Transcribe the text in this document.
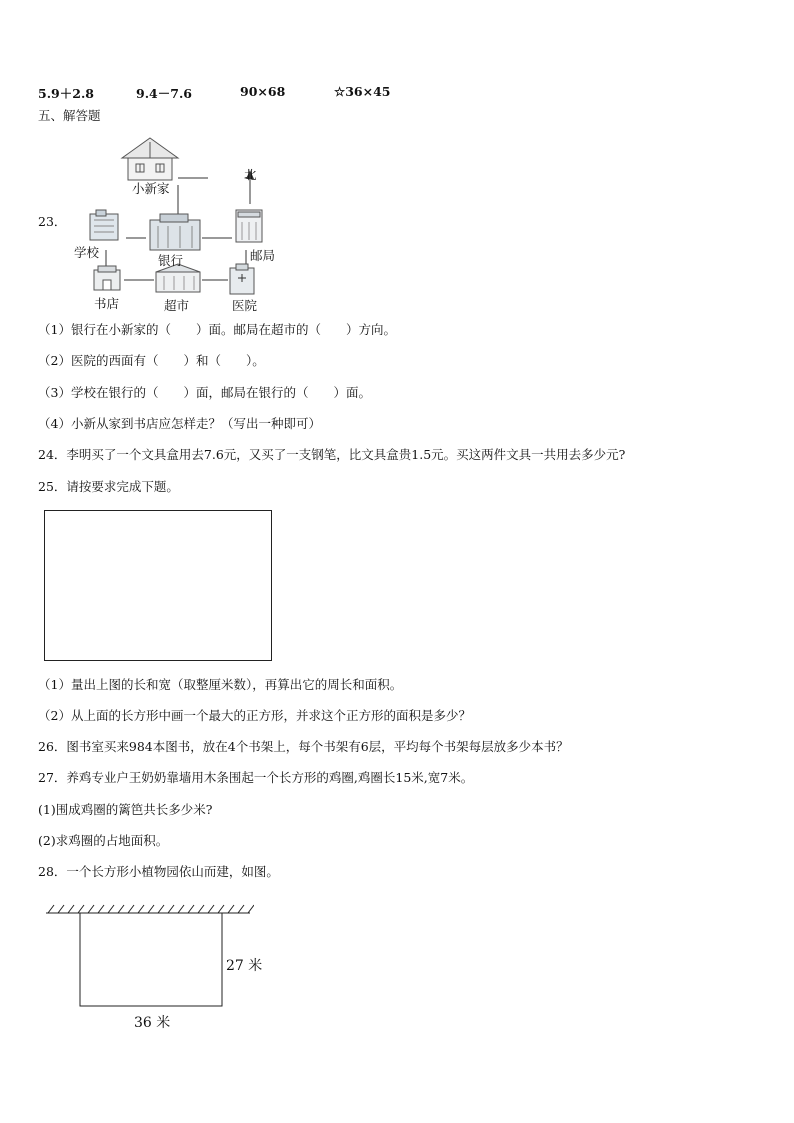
5.9＋2.8	9.4－7.6	90×68	☆36×45
五、解答题
23．
小新家
北
学校
银行	邮局
书店	超市	医院
（1）银行在小新家的（　　）面。邮局在超市的（　　）方向。
（2）医院的西面有（　　）和（　　）。
（3）学校在银行的（　　）面，邮局在银行的（　　）面。
（4）小新从家到书店应怎样走？（写出一种即可）
24．李明买了一个文具盒用去7.6元，又买了一支钢笔，比文具盒贵1.5元。买这两件文具一共用去多少元?
25．请按要求完成下题。
（1）量出上图的长和宽（取整厘米数），再算出它的周长和面积。
（2）从上面的长方形中画一个最大的正方形，并求这个正方形的面积是多少？
26．图书室买来984本图书，放在4个书架上，每个书架有6层，平均每个书架每层放多少本书？
27．养鸡专业户王奶奶靠墙用木条围起一个长方形的鸡圈,鸡圈长15米,宽7米。
(1)围成鸡圈的篱笆共长多少米?
(2)求鸡圈的占地面积。
28．一个长方形小植物园依山而建，如图。
27 米
36 米
